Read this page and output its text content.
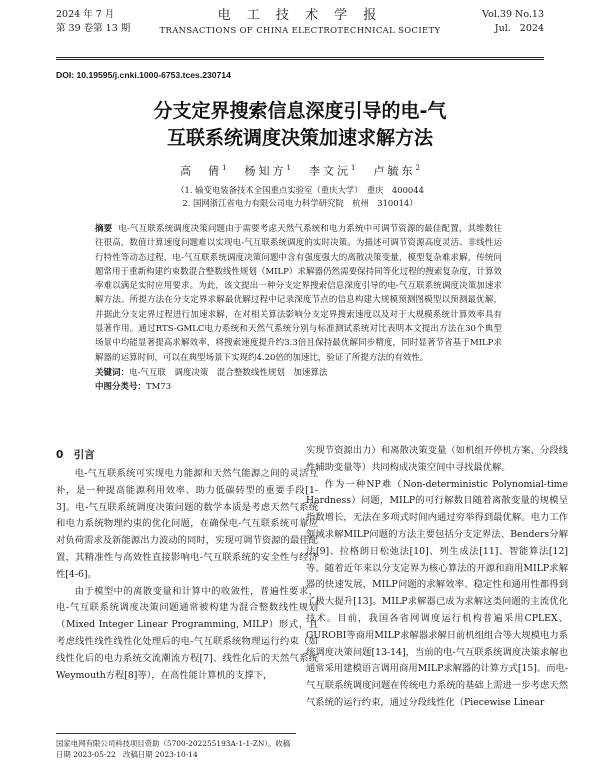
2024 年 7 月
第 39 卷第 13 期
电 工 技 术 学 报
TRANSACTIONS OF CHINA ELECTROTECHNICAL SOCIETY
Vol.39 No.13
Jul.   2024
DOI: 10.19595/j.cnki.1000-6753.tces.230714
分支定界搜索信息深度引导的电-气
互联系统调度决策加速求解方法
高　倩$^1$ 杨知方$^1$ 李文沅$^1$ 卢毓东$^2$
（1. 输变电装备技术全国重点实验室（重庆大学）　重庆　400044
2. 国网浙江省电力有限公司电力科学研究院　杭州　310014）
摘要 电-气互联系统调度决策问题由于需要考虑天然气系统和电力系统中可调节资源的最佳配置，其维数往往很高，数值计算速度问题难以实现电-气互联系统调度的实时决策。为描述可调节资源高度灵活、非线性运行特性等动态过程，电-气互联系统调度决策问题中含有强度强大的离散决策变量，模型复杂难求解，传统问题常用于重新构建约束数混合整数线性规划（MILP）求解器仍然需要保持同等化过程的搜索复杂度，计算效率难以满足实时应用要求。为此，该文提出一种分支定界搜索信息深度引导的电-气互联系统调度决策加速求解方法。所提方法在分支定界求解最优解过程中记录深度节点的信息构建大规模预测图模型以预测最优解，并据此分支定界过程进行加速求解，在对相关算法影响分支定界搜索速度以及对于大规模系统计算效率具有显著作用。通过RTS-GMLC电力系统和天然气系统分别与标准测试系统对比表明本文提出方法在30个典型场景中均能显著提高求解效率，将搜索速度提升约3.3倍且保持最优解同步精度，同时显著节省基于MILP求解器的运算时间，可以在典型场景下实现约4.20倍的加速比，验证了所提方法的有效性。
关键词：电-气互联　调度决策　混合整数线性规划　加速算法
中图分类号：TM73
0　引言

电-气互联系统可实现电力能源和天然气能源之间的灵活互补，是一种提高能源利用效率、助力低碳转型的重要手段[1-3]。电-气互联系统调度决策问题的数学本质是考虑天然气系统和电力系统物理约束的优化问题，在确保电-气互联系统可靠应对负荷需求及新能源出力波动的同时，实现可调节资源的最佳配置，其精准性与高效性直接影响电-气互联系统的安全性与经济性[4-6]。

由于模型中的离散变量和计算中的收敛性，普遍性要求，电-气互联系统调度决策问题通常被构建为混合整数线性规划（Mixed Integer Linear Programming, MILP）形式，且考虑线性线性线性化处理后的电-气互联系统物理运行约束（如线性化后的电力系统交流潮流方程[7]、线性化后的天然气系统Weymouth方程[8]等），在高性能计算机的支撑下，

实现节资源出力）和离散决策变量（如机组开停机方案、分段线性辅助变量等）共同构成决策空间中寻找最优解。

作为一种NP难（Non-deterministic Polynomial-time Hardness）问题，MILP的可行解数目随着离散变量的规模呈指数增长，无法在多项式时间内通过穷举得到最优解。电力工作领域求解MILP问题的方法主要包括分支定界法、Benders分解法[9]、拉格朗日松弛法[10]、列生成法[11]、智能算法[12]等。随着近年来以分支定界为核心算法的开源和商用MILP求解器的快速发展，MILP问题的求解效率、稳定性和通用性都得到了极大提升[13]。MILP求解器已成为求解这类问题的主流优化技术。目前，我国各省网调度运行机构普遍采用CPLEX、GUROBI等商用MILP求解器求解日前机组组合等大规模电力系统调度决策问题[13-14]，当前的电-气互联系统调度决策求解也通常采用建模语言调用商用MILP求解器的计算方式[15]。而电-气互联系统调度问题在传统电力系统的基础上需进一步考虑天然气系统的运行约束，通过分段线性化（Piecewise Linear

国家电网有限公司科技项目资助（5700-202255193A-1-1-ZN）。收稿日期 2023-05-22　改稿日期 2023-10-14
